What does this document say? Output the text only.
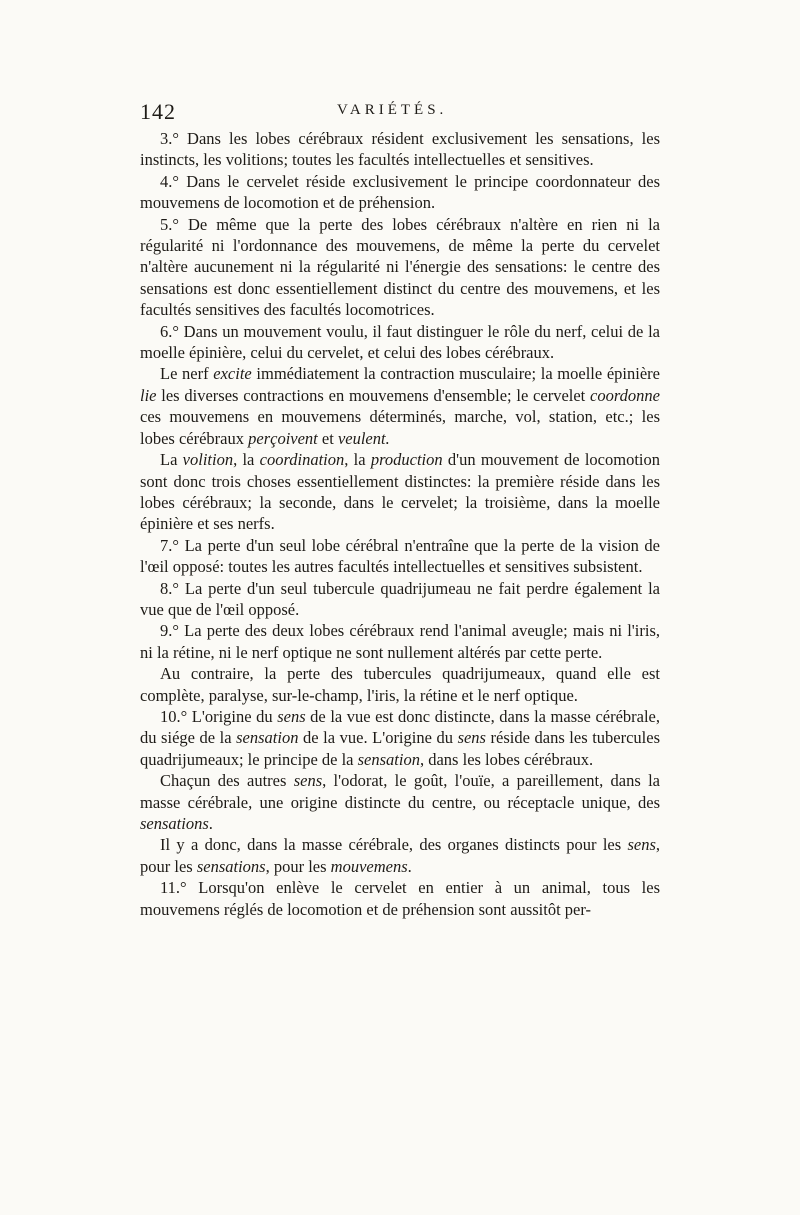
142	VARIÉTÉS.

3.° Dans les lobes cérébraux résident exclusivement les sensations, les instincts, les volitions; toutes les facultés intellectuelles et sensitives.

4.° Dans le cervelet réside exclusivement le principe coordonnateur des mouvemens de locomotion et de préhension.

5.° De même que la perte des lobes cérébraux n'altère en rien ni la régularité ni l'ordonnance des mouvemens, de même la perte du cervelet n'altère aucunement ni la régularité ni l'énergie des sensations: le centre des sensations est donc essentiellement distinct du centre des mouvemens, et les facultés sensitives des facultés locomotrices.

6.° Dans un mouvement voulu, il faut distinguer le rôle du nerf, celui de la moelle épinière, celui du cervelet, et celui des lobes cérébraux.

Le nerf excite immédiatement la contraction musculaire; la moelle épinière lie les diverses contractions en mouvemens d'ensemble; le cervelet coordonne ces mouvemens en mouvemens déterminés, marche, vol, station, etc.; les lobes cérébraux perçoivent et veulent.

La volition, la coordination, la production d'un mouvement de locomotion sont donc trois choses essentiellement distinctes: la première réside dans les lobes cérébraux; la seconde, dans le cervelet; la troisième, dans la moelle épinière et ses nerfs.

7.° La perte d'un seul lobe cérébral n'entraîne que la perte de la vision de l'œil opposé: toutes les autres facultés intellectuelles et sensitives subsistent.

8.° La perte d'un seul tubercule quadrijumeau ne fait perdre également la vue que de l'œil opposé.

9.° La perte des deux lobes cérébraux rend l'animal aveugle; mais ni l'iris, ni la rétine, ni le nerf optique ne sont nullement altérés par cette perte.

Au contraire, la perte des tubercules quadrijumeaux, quand elle est complète, paralyse, sur-le-champ, l'iris, la rétine et le nerf optique.

10.° L'origine du sens de la vue est donc distincte, dans la masse cérébrale, du siége de la sensation de la vue. L'origine du sens réside dans les tubercules quadrijumeaux; le principe de la sensation, dans les lobes cérébraux.

Chaçun des autres sens, l'odorat, le goût, l'ouïe, a pareillement, dans la masse cérébrale, une origine distincte du centre, ou réceptacle unique, des sensations.

Il y a donc, dans la masse cérébrale, des organes distincts pour les sens, pour les sensations, pour les mouvemens.

11.° Lorsqu'on enlève le cervelet en entier à un animal, tous les mouvemens réglés de locomotion et de préhension sont aussitôt per-
